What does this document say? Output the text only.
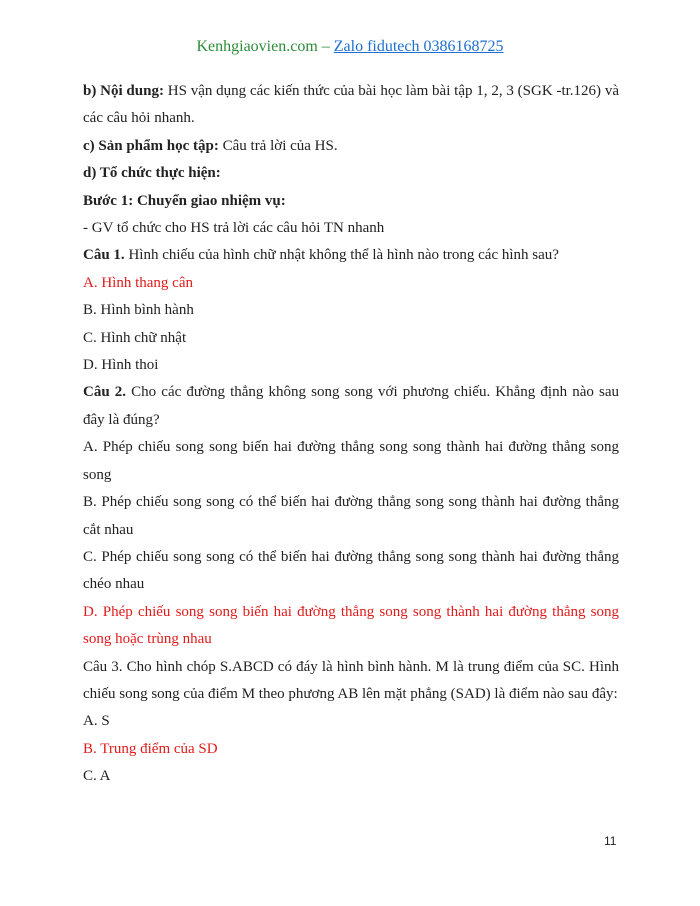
Kenhgiaovien.com – Zalo fidutech 0386168725

b) Nội dung: HS vận dụng các kiến thức của bài học làm bài tập 1, 2, 3 (SGK -tr.126) và các câu hỏi nhanh.

c) Sản phẩm học tập: Câu trả lời của HS.

d) Tổ chức thực hiện:

Bước 1: Chuyển giao nhiệm vụ:

- GV tổ chức cho HS trả lời các câu hỏi TN nhanh

Câu 1. Hình chiếu của hình chữ nhật không thể là hình nào trong các hình sau?

A. Hình thang cân

B. Hình bình hành

C. Hình chữ nhật

D. Hình thoi

Câu 2. Cho các đường thẳng không song song với phương chiếu. Khẳng định nào sau đây là đúng?

A. Phép chiếu song song biến hai đường thẳng song song thành hai đường thẳng song song

B. Phép chiếu song song có thể biến hai đường thẳng song song thành hai đường thẳng cắt nhau

C. Phép chiếu song song có thể biến hai đường thẳng song song thành hai đường thẳng chéo nhau

D. Phép chiếu song song biến hai đường thẳng song song thành hai đường thẳng song song hoặc trùng nhau

Câu 3. Cho hình chóp S.ABCD có đáy là hình bình hành. M là trung điểm của SC. Hình chiếu song song của điểm M theo phương AB lên mặt phẳng (SAD) là điểm nào sau đây:

A. S

B. Trung điểm của SD

C. A

11
